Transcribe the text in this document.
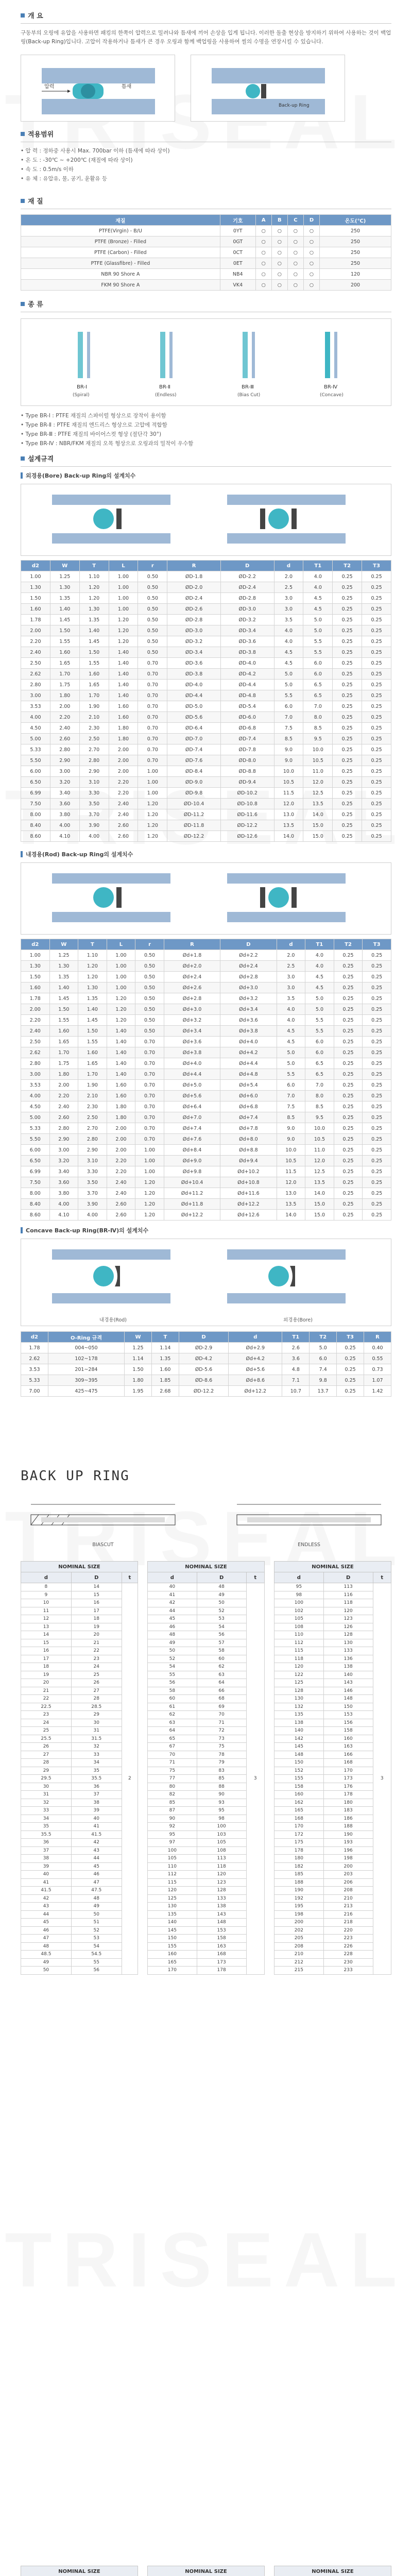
개 요

구동부의 오링에 유압을 사용하면 패킹의 한쪽이 압력으로 밀려나와 틈새에 끼어 손상을 입게 됩니다. 이러한 돌출 현상을 방지하기 위하여 사용하는 것이 백업링(Back-up Ring)입니다. 고압이 작용하거나 틈새가 큰 경우 오링과 함께 백업링을 사용하여 씰의 수명을 연장시킬 수 있습니다.

압력	틈새
Back-up Ring
적용범위
• 압 력 : 정하중 사용시 Max. 700bar 이하 (틈새에 따라 상이)
• 온 도 : -30℃ ~ +200℃ (재질에 따라 상이)
• 속 도 : 0.5m/s 이하
• 유 체 : 유압유, 물, 공기, 윤활유 등
재 질
재질	기호	A	B	C	D	온도(℃)
PTFE(Virgin) - B/U	0YT	○	○	○	○	250
PTFE (Bronze) - Filled	0GT	○	○	○	○	250
PTFE (Carbon) - Filled	0CT	○	○	○	○	250
PTFE (Glassfibre) - Filled	0ET	○	○	○	○	250
NBR 90 Shore A	NB4	○	○	○	○	120
FKM 90 Shore A	VK4	○	○	○	○	200
종 류
BR-Ⅰ
(Spiral)
BR-Ⅱ
(Endless)
BR-Ⅲ
(Bias Cut)
BR-Ⅳ
(Concave)
• Type BR-Ⅰ : PTFE 재질의 스파이럴 형상으로 장착이 용이함
• Type BR-Ⅱ : PTFE 재질의 엔드리스 형상으로 고압에 적합함
• Type BR-Ⅲ : PTFE 재질의 바이어스컷 형상 (절단각 30°)
• Type BR-Ⅳ : NBR/FKM 재질의 오목 형상으로 오링과의 밀착이 우수함
설계규격
외경용(Bore) Back-up Ring의 설계치수
d2	W	T	L	r	R	D	d	T1	T2	T3
1.00	1.25	1.10	1.00	0.50	ØD-1.8	ØD-2.2	2.0	4.0	0.25	0.25
1.30	1.30	1.20	1.00	0.50	ØD-2.0	ØD-2.4	2.5	4.0	0.25	0.25
1.50	1.35	1.20	1.00	0.50	ØD-2.4	ØD-2.8	3.0	4.5	0.25	0.25
1.60	1.40	1.30	1.00	0.50	ØD-2.6	ØD-3.0	3.0	4.5	0.25	0.25
1.78	1.45	1.35	1.20	0.50	ØD-2.8	ØD-3.2	3.5	5.0	0.25	0.25
2.00	1.50	1.40	1.20	0.50	ØD-3.0	ØD-3.4	4.0	5.0	0.25	0.25
2.20	1.55	1.45	1.20	0.50	ØD-3.2	ØD-3.6	4.0	5.5	0.25	0.25
2.40	1.60	1.50	1.40	0.50	ØD-3.4	ØD-3.8	4.5	5.5	0.25	0.25
2.50	1.65	1.55	1.40	0.70	ØD-3.6	ØD-4.0	4.5	6.0	0.25	0.25
2.62	1.70	1.60	1.40	0.70	ØD-3.8	ØD-4.2	5.0	6.0	0.25	0.25
2.80	1.75	1.65	1.40	0.70	ØD-4.0	ØD-4.4	5.0	6.5	0.25	0.25
3.00	1.80	1.70	1.40	0.70	ØD-4.4	ØD-4.8	5.5	6.5	0.25	0.25
3.53	2.00	1.90	1.60	0.70	ØD-5.0	ØD-5.4	6.0	7.0	0.25	0.25
4.00	2.20	2.10	1.60	0.70	ØD-5.6	ØD-6.0	7.0	8.0	0.25	0.25
4.50	2.40	2.30	1.80	0.70	ØD-6.4	ØD-6.8	7.5	8.5	0.25	0.25
5.00	2.60	2.50	1.80	0.70	ØD-7.0	ØD-7.4	8.5	9.5	0.25	0.25
5.33	2.80	2.70	2.00	0.70	ØD-7.4	ØD-7.8	9.0	10.0	0.25	0.25
5.50	2.90	2.80	2.00	0.70	ØD-7.6	ØD-8.0	9.0	10.5	0.25	0.25
6.00	3.00	2.90	2.00	1.00	ØD-8.4	ØD-8.8	10.0	11.0	0.25	0.25
6.50	3.20	3.10	2.20	1.00	ØD-9.0	ØD-9.4	10.5	12.0	0.25	0.25
6.99	3.40	3.30	2.20	1.00	ØD-9.8	ØD-10.2	11.5	12.5	0.25	0.25
7.50	3.60	3.50	2.40	1.20	ØD-10.4	ØD-10.8	12.0	13.5	0.25	0.25
8.00	3.80	3.70	2.40	1.20	ØD-11.2	ØD-11.6	13.0	14.0	0.25	0.25
8.40	4.00	3.90	2.60	1.20	ØD-11.8	ØD-12.2	13.5	15.0	0.25	0.25
8.60	4.10	4.00	2.60	1.20	ØD-12.2	ØD-12.6	14.0	15.0	0.25	0.25
내경용(Rod) Back-up Ring의 설계치수
d2	W	T	L	r	R	D	d	T1	T2	T3
1.00	1.25	1.10	1.00	0.50	Ød+1.8	Ød+2.2	2.0	4.0	0.25	0.25
1.30	1.30	1.20	1.00	0.50	Ød+2.0	Ød+2.4	2.5	4.0	0.25	0.25
1.50	1.35	1.20	1.00	0.50	Ød+2.4	Ød+2.8	3.0	4.5	0.25	0.25
1.60	1.40	1.30	1.00	0.50	Ød+2.6	Ød+3.0	3.0	4.5	0.25	0.25
1.78	1.45	1.35	1.20	0.50	Ød+2.8	Ød+3.2	3.5	5.0	0.25	0.25
2.00	1.50	1.40	1.20	0.50	Ød+3.0	Ød+3.4	4.0	5.0	0.25	0.25
2.20	1.55	1.45	1.20	0.50	Ød+3.2	Ød+3.6	4.0	5.5	0.25	0.25
2.40	1.60	1.50	1.40	0.50	Ød+3.4	Ød+3.8	4.5	5.5	0.25	0.25
2.50	1.65	1.55	1.40	0.70	Ød+3.6	Ød+4.0	4.5	6.0	0.25	0.25
2.62	1.70	1.60	1.40	0.70	Ød+3.8	Ød+4.2	5.0	6.0	0.25	0.25
2.80	1.75	1.65	1.40	0.70	Ød+4.0	Ød+4.4	5.0	6.5	0.25	0.25
3.00	1.80	1.70	1.40	0.70	Ød+4.4	Ød+4.8	5.5	6.5	0.25	0.25
3.53	2.00	1.90	1.60	0.70	Ød+5.0	Ød+5.4	6.0	7.0	0.25	0.25
4.00	2.20	2.10	1.60	0.70	Ød+5.6	Ød+6.0	7.0	8.0	0.25	0.25
4.50	2.40	2.30	1.80	0.70	Ød+6.4	Ød+6.8	7.5	8.5	0.25	0.25
5.00	2.60	2.50	1.80	0.70	Ød+7.0	Ød+7.4	8.5	9.5	0.25	0.25
5.33	2.80	2.70	2.00	0.70	Ød+7.4	Ød+7.8	9.0	10.0	0.25	0.25
5.50	2.90	2.80	2.00	0.70	Ød+7.6	Ød+8.0	9.0	10.5	0.25	0.25
6.00	3.00	2.90	2.00	1.00	Ød+8.4	Ød+8.8	10.0	11.0	0.25	0.25
6.50	3.20	3.10	2.20	1.00	Ød+9.0	Ød+9.4	10.5	12.0	0.25	0.25
6.99	3.40	3.30	2.20	1.00	Ød+9.8	Ød+10.2	11.5	12.5	0.25	0.25
7.50	3.60	3.50	2.40	1.20	Ød+10.4	Ød+10.8	12.0	13.5	0.25	0.25
8.00	3.80	3.70	2.40	1.20	Ød+11.2	Ød+11.6	13.0	14.0	0.25	0.25
8.40	4.00	3.90	2.60	1.20	Ød+11.8	Ød+12.2	13.5	15.0	0.25	0.25
8.60	4.10	4.00	2.60	1.20	Ød+12.2	Ød+12.6	14.0	15.0	0.25	0.25
Concave Back-up Ring(BR-Ⅳ)의 설계치수
내경용(Rod)	외경용(Bore)
d2	O-Ring 규격	W	T	D	d	T1	T2	T3	R
1.78	004~050	1.25	1.14	ØD-2.9	Ød+2.9	2.6	5.0	0.25	0.40
2.62	102~178	1.14	1.35	ØD-4.2	Ød+4.2	3.6	6.0	0.25	0.55
3.53	201~284	1.50	1.60	ØD-5.6	Ød+5.6	4.8	7.4	0.25	0.73
5.33	309~395	1.80	1.85	ØD-8.6	Ød+8.6	7.1	9.8	0.25	1.07
7.00	425~475	1.95	2.68	ØD-12.2	Ød+12.2	10.7	13.7	0.25	1.42
BACK UP RING
BIASCUT	ENDLESS
NOMINAL SIZE		
d	D	t
8	14	2
9	15	
10	16	
11	17	
12	18	
13	19	
14	20	
15	21	
16	22	
17	23	
18	24	
19	25	
20	26	
21	27	
22	28	
22.5	28.5	
23	29	
24	30	
25	31	
25.5	31.5	
26	32	
27	33	
28	34	
29	35	
29.5	35.5	
30	36	
31	37	
32	38	
33	39	
34	40	
35	41	
35.5	41.5	
36	42	
37	43	
38	44	
39	45	
40	46	
41	47	
41.5	47.5	
42	48	
43	49	
44	50	
45	51	
46	52	
47	53	
48	54	
48.5	54.5	
49	55	
50	56	
NOMINAL SIZE		
d	D	t
40	48	3
41	49	
42	50	
44	52	
45	53	
46	54	
48	56	
49	57	
50	58	
52	60	
54	62	
55	63	
56	64	
58	66	
60	68	
61	69	
62	70	
63	71	
64	72	
65	73	
67	75	
70	78	
71	79	
75	83	
77	85	
80	88	
82	90	
85	93	
87	95	
90	98	
92	100	
95	103	
97	105	
100	108	
105	113	
110	118	
112	120	
115	123	
120	128	
125	133	
130	138	
135	143	
140	148	
145	153	
150	158	
155	163	
160	168	
165	173	
170	178	
NOMINAL SIZE		
d	D	t
95	113	3
98	116	
100	118	
102	120	
105	123	
108	126	
110	128	
112	130	
115	133	
118	136	
120	138	
122	140	
125	143	
128	146	
130	148	
132	150	
135	153	
138	156	
140	158	
142	160	
145	163	
148	166	
150	168	
152	170	
155	173	
158	176	
160	178	
162	180	
165	183	
168	186	
170	188	
172	190	
175	193	
178	196	
180	198	
182	200	
185	203	
188	206	
190	208	
192	210	
195	213	
198	216	
200	218	
202	220	
205	223	
208	226	
210	228	
212	230	
215	233	
NOMINAL SIZE		

		NOMINAL SIZE		

		NOMINAL SIZE		
